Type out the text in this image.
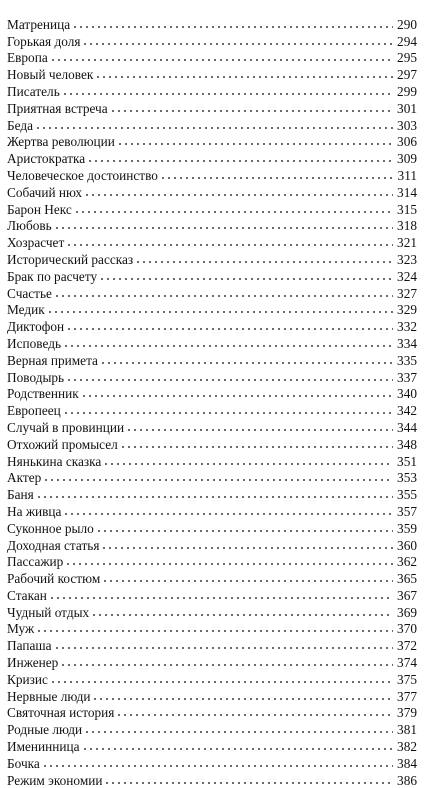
Матреница	290
Горькая доля	294
Европа	295
Новый человек	297
Писатель	299
Приятная встреча	301
Беда	303
Жертва революции	306
Аристократка	309
Человеческое достоинство	311
Собачий нюх	314
Барон Некс	315
Любовь	318
Хозрасчет	321
Исторический рассказ	323
Брак по расчету	324
Счастье	327
Медик	329
Диктофон	332
Исповедь	334
Верная примета	335
Поводырь	337
Родственник	340
Европеец	342
Случай в провинции	344
Отхожий промысел	348
Нянькина сказка	351
Актер	353
Баня	355
На живца	357
Суконное рыло	359
Доходная статья	360
Пассажир	362
Рабочий костюм	365
Стакан	367
Чудный отдых	369
Муж	370
Папаша	372
Инженер	374
Кризис	375
Нервные люди	377
Святочная история	379
Родные люди	381
Именинница	382
Бочка	384
Режим экономии	386
